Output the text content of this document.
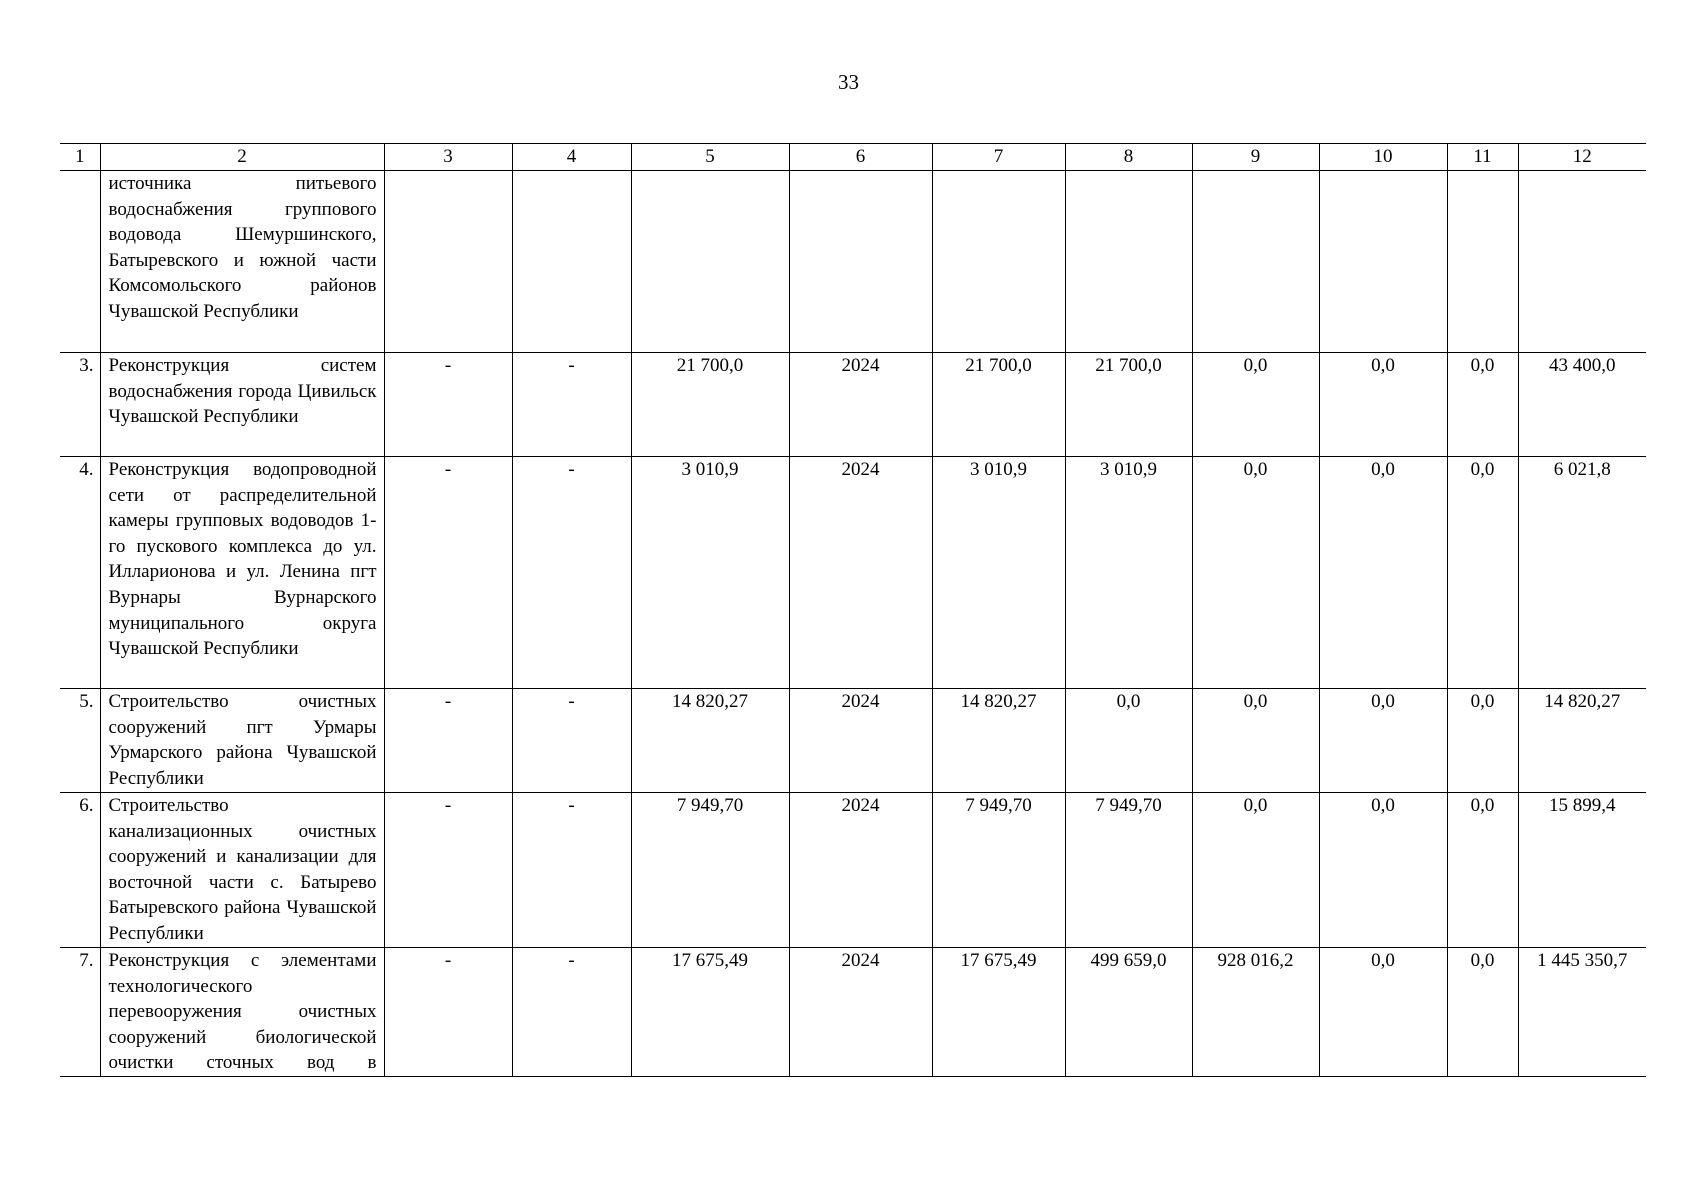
33
1	2	3	4	5	6	7	8	9	10	11	12
	источника питьевого водоснабжения группового водовода Шемуршинского, Батыревского и южной части Комсомольского районов Чувашской Республики										
3.	Реконструкция систем водоснабжения города Цивильск Чувашской Республики	-	-	21 700,0	2024	21 700,0	21 700,0	0,0	0,0	0,0	43 400,0
4.	Реконструкция водопроводной сети от распределительной камеры групповых водоводов 1-го пускового комплекса до ул. Илларионова и ул. Ленина пгт Вурнары Вурнарского муниципального округа Чувашской Республики	-	-	3 010,9	2024	3 010,9	3 010,9	0,0	0,0	0,0	6 021,8
5.	Строительство очистных сооружений пгт Урмары Урмарского района Чувашской Республики	-	-	14 820,27	2024	14 820,27	0,0	0,0	0,0	0,0	14 820,27
6.	Строительство канализационных очистных сооружений и канализации для восточной части с. Батырево Батыревского района Чувашской Республики	-	-	7 949,70	2024	7 949,70	7 949,70	0,0	0,0	0,0	15 899,4
7.	Реконструкция с элементами технологического перевооружения очистных сооружений биологической очистки сточных вод в	-	-	17 675,49	2024	17 675,49	499 659,0	928 016,2	0,0	0,0	1 445 350,7
